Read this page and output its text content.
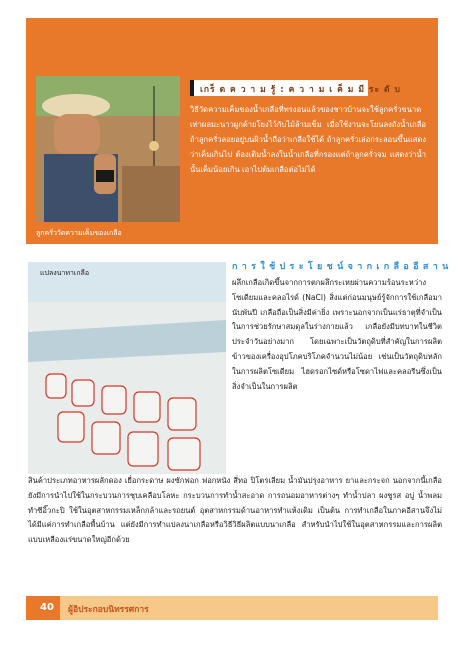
ลูกครั่ววัดความเค็มของเกลือ
เกร็ ด ค ว า ม รู้ : ค ว า ม เ ค็ ม มี ระ ดั บ
วิธีวัดความเค็มของน้ำเกลือที่ทรงอนแล้วของชาวบ้านจะใช้ลูกครั่วขนาดเท่าผลมะนาวผูกด้ายโยงไว้กับไม้ล้ามเข็ม เมื่อใช้งานจะโยนลงถังน้ำเกลือ ถ้าลูกครั่วลอยอยู่บนผิวน้ำถือว่าเกลือใช้ได้ ถ้าลูกครั่วเล่อกระลอนขึ้นแสดงว่าเค็มเกินไป ต้องเติมน้ำลงในน้ำเกลือที่กรองแต่ถ้าลูกครั่วจม แสดงว่าน้ำนั้นเค็มน้อยเกิน เอาไปต้มเกลือต่อไม่ได้
แปลงนาทาเกลือ
ก า ร ใ ช้ ป ร ะ โ ย ช น์ จ า ก เ ก ลื อ อี ส า น
ผลึกเกลือเกิดขึ้นจากการตกผลึกระเหยผ่านความร้อนระหว่างโซเดียมและคลอไรด์ (NaCl) สิ่งแต่ก่อนมนุษย์รู้จักการใช้เกลือมานับพันปี เกลือถือเป็นสิ่งมีค่ายิ่ง เพราะนอกจากเป็นแร่ธาตุที่จำเป็นในการช่วยรักษาสมดุลในร่างกายแล้ว เกลือยังมีบทบาทในชีวิตประจำวันอย่างมาก โดยเฉพาะเป็นวัตถุดิบที่สำคัญในการผลิตข้าวของเครื่องอุปโภคบริโภคจำนวนไม่น้อย เช่นเป็นวัตถุดิบหลักในการผลิตโซเดียม ไฮดรอกไซด์หรือโซดาไฟและคลอรีนซึ่งเป็นสิ่งจำเป็นในการผลิต
สินค้าประเภทอาหารผลักดอง เยื่อกระดาษ ผงซักฟอก ฟอกหนัง สี่ทอ ปิโตรเลียม น้ำมันปรุงอาหาร ยาและกระจก นอกจากนี้เกลือยังมีการนำไปใช้ในกระบวนการชุบเคลือบโลหะ กระบวนการทำน้ำสะอาด การถนอมอาหารต่างๆ ทำน้ำปลา ผงชูรส อบู่ น้ำพลม ทำซีอิ๊วกะปิ ใช้ในอุตสาหกรรมเหล็กกล้าและรถยนต์ อุตสาหกรรมด้านอาหารทำแห้งเดิม เป็นต้น การทำเกลือในภาคอีสานจึงไม่ได้มีแค่การทำเกลือพื้นบ้าน แต่ยังมีการทำแปลงนาเกลือหรือวิธีวิธีผลิตแบบนาเกลือ สำหรับนำไปใช้ในอุตสาหกรรมและการผลิตแบบเหลืองแร่ขนาดใหญ่อีกด้วย
40	ผู้อิประกอบนิทรรศการ
